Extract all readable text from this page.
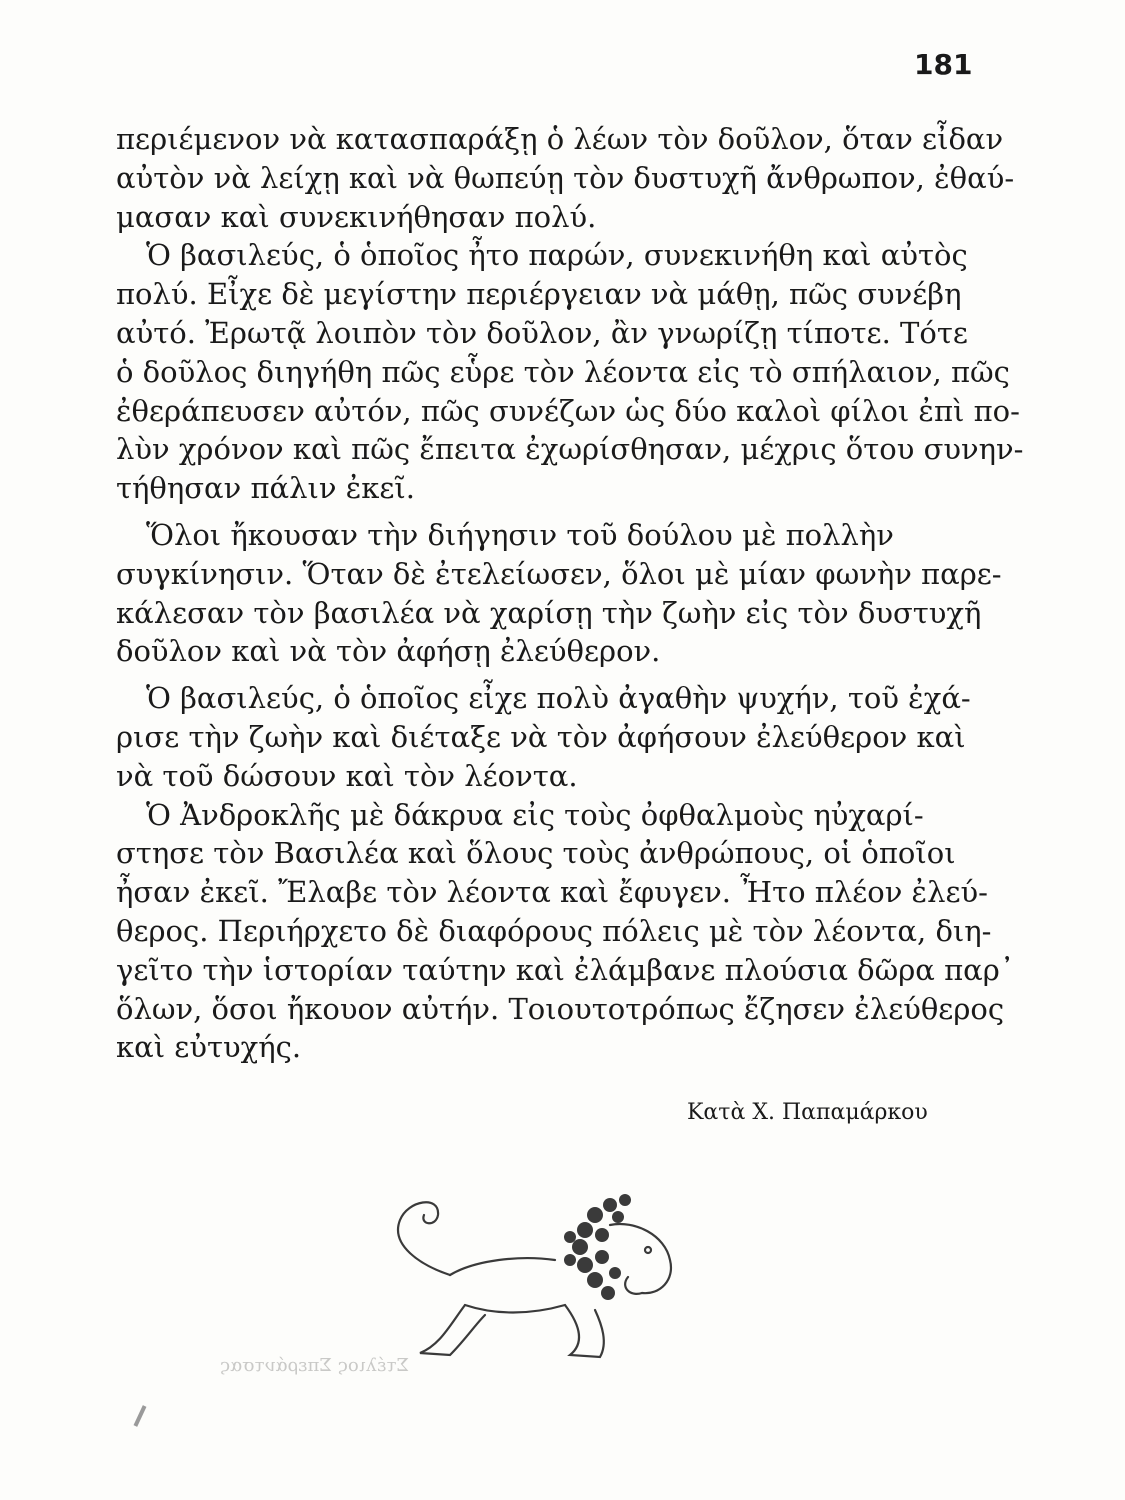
181
περιέμενον νὰ κατασπαράξῃ ὁ λέων τὸν δοῦλον, ὅταν εἶδαν
αὐτὸν νὰ λείχῃ καὶ νὰ θωπεύῃ τὸν δυστυχῆ ἄνθρωπον, ἐθαύ-
μασαν καὶ συνεκινήθησαν πολύ.
Ὁ βασιλεύς, ὁ ὁποῖος ἦτο παρών, συνεκινήθη καὶ αὐτὸς
πολύ. Εἶχε δὲ μεγίστην περιέργειαν νὰ μάθῃ, πῶς συνέβη
αὐτό. Ἐρωτᾷ λοιπὸν τὸν δοῦλον, ἂν γνωρίζῃ τίποτε. Τότε
ὁ δοῦλος διηγήθη πῶς εὗρε τὸν λέοντα εἰς τὸ σπήλαιον, πῶς
ἐθεράπευσεν αὐτόν, πῶς συνέζων ὡς δύο καλοὶ φίλοι ἐπὶ πο-
λὺν χρόνον καὶ πῶς ἔπειτα ἐχωρίσθησαν, μέχρις ὅτου συνην-
τήθησαν πάλιν ἐκεῖ.
Ὅλοι ἤκουσαν τὴν διήγησιν τοῦ δούλου μὲ πολλὴν
συγκίνησιν. Ὅταν δὲ ἐτελείωσεν, ὅλοι μὲ μίαν φωνὴν παρε-
κάλεσαν τὸν βασιλέα νὰ χαρίσῃ τὴν ζωὴν εἰς τὸν δυστυχῆ
δοῦλον καὶ νὰ τὸν ἀφήσῃ ἐλεύθερον.
Ὁ βασιλεύς, ὁ ὁποῖος εἶχε πολὺ ἀγαθὴν ψυχήν, τοῦ ἐχά-
ρισε τὴν ζωὴν καὶ διέταξε νὰ τὸν ἀφήσουν ἐλεύθερον καὶ
νὰ τοῦ δώσουν καὶ τὸν λέοντα.
Ὁ Ἀνδροκλῆς μὲ δάκρυα εἰς τοὺς ὀφθαλμοὺς ηὐχαρί-
στησε τὸν Βασιλέα καὶ ὅλους τοὺς ἀνθρώπους, οἱ ὁποῖοι
ἦσαν ἐκεῖ. Ἔλαβε τὸν λέοντα καὶ ἔφυγεν. Ἦτο πλέον ἐλεύ-
θερος. Περιήρχετο δὲ διαφόρους πόλεις μὲ τὸν λέοντα, διη-
γεῖτο τὴν ἱστορίαν ταύτην καὶ ἐλάμβανε πλούσια δῶρα παρ᾽
ὅλων, ὅσοι ἤκουον αὐτήν. Τοιουτοτρόπως ἔζησεν ἐλεύθερος
καὶ εὐτυχής.
Κατὰ Χ. Παπαμάρκου
Στέλιος Σπεράντσας
